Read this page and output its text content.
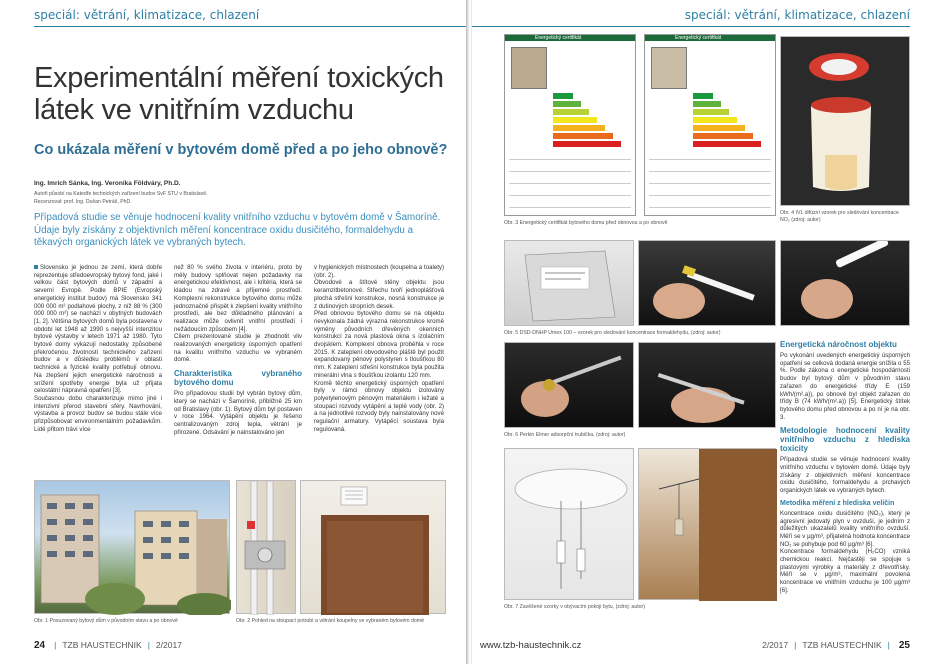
speciál: větrání, klimatizace, chlazení
Experimentální měření toxických látek ve vnitřním vzduchu
Co ukázala měření v bytovém domě před a po jeho obnově?
Ing. Imrich Sánka, Ing. Veronika Földváry, Ph.D.
Autoři působí na Katedře technických zařízení budov SvF STU v Bratislavě.
Recenzoval: prof. Ing. Dušan Petráš, PhD.
Případová studie se věnuje hodnocení kvality vnitřního vzduchu v bytovém domě v Šamoríně. Údaje byly získány z objektivních měření koncentrace oxidu dusičitého, formaldehydu a těkavých organických látek ve vybraných bytech.

Slovensko je jednou ze zemí, která dobře reprezentuje středoevropský bytový fond, jaké i velkou část bytových domů v západní a severní Evropě. Podle BPIE (Evropský energetický institut budov) má Slovensko 341 000 000 m² podlahové plochy, z níž 88 % (300 000 000 m²) se nachází v obytných budovách [1, 2]. Většina bytových domů byla postavena v období let 1948 až 1990 s nejvyšší intenzitou bytové výstavby v letech 1971 až 1980. Tyto bytové domy vykazují nedostatky způsobené překročenou životností technického zařízení budov a v důsledku problémů v oblasti technické a fyzické kvality potřebují obnovu. Na zlepšení jejich energetické náročnosti a snížení spotřeby energie byla už přijata celostátní nápravná opatření [3].

Současnou dobu charakterizuje mimo jiné i intenzivní přerod stavební sféry. Navrhování, výstavba a provoz budov se budou stále více přizpůsobovat environmentálním požadavkům. Lidé přitom tráví více

než 80 % svého života v interiéru, proto by měly budovy splňovat nejen požadavky na energetickou efektivnost, ale i kritéria, která se kladou na zdravé a příjemné prostředí. Komplexní rekonstrukce bytového domu může jednoznačně přispět k zlepšení kvality vnitřního prostředí, ale bez důkladného plánování a realizace může ovlivnit vnitřní prostředí i nežádoucím způsobem [4].

Cílem prezentované studie je zhodnotit vliv realizovaných energetický úsporných opatření na kvalitu vnitřního vzduchu ve vybraném domě.

Charakteristika vybraného bytového domu

Pro případovou studii byl vybrán bytový dům, který se nachází v Šamoríně, přibližně 25 km od Bratislavy (obr. 1). Bytový dům byl postaven v roce 1964. Vytápění objektu je řešeno centralizovaným zdroj tepla, větrání je přirozené. Odsávání je nainstalováno jen

v hygienických místnostech (koupelna a toalety) (obr. 2).

Obvodové a štítové stěny objektu jsou keramzitbetonové. Střechu tvoří jednoplášťová plochá střešní konstrukce, nosná konstrukce je z dutinových stropních desek.

Před obnovou bytového domu se na objektu nevykonala žádná výrazná rekonstrukce kromě výměny původních dřevěných okenních konstrukcí za nová plastová okna s izolačním dvojsklem. Komplexní obnova proběhla v roce 2015. K zateplení obvodového pláště byl použit expandovaný pěnový polystyren s tloušťkou 80 mm. K zateplení střešní konstrukce byla použita minerální vlna s tloušťkou izolantu 120 mm.

Kromě těchto energetický úsporných opatření byly v rámci obnovy objektu izolovány polyetylenovým pěnovým materiálem i ležaté a stoupací rozvody vytápění a teplé vody (obr. 2) a na jednotlivé rozvody byly nainstalovány nové regulační armatury. Vytápěcí soustava byla regulovaná.

Obr. 1 Posuzovaný bytový dům v původním stavu a po obnově	Obr. 2 Pohled na stoupací potrubí a větrání koupelny ve vybraném bytovém domě
24 | TZB HAUSTECHNIK | 2/2017
speciál: větrání, klimatizace, chlazení
Energetický certifikát	Energetický certifikát
Obr. 3 Energetický certifikát bytového domu před obnovou a po obnově
Obr. 4 IVL difúzní vzorek pro sledování koncentrace NO₂ (zdroj: autor)
Obr. 5 DSD-DNHP Umex 100 – vzorek pro sledování koncentrace formaldehydu, (zdroj: autor)
Obr. 6 Perkin Elmer adsorpční trubička, (zdroj: autor)
Obr. 7 Zavěšené vzorky v obývacím pokoji bytu, (zdroj: autor)
Energetická náročnost objektu

Po vykonání uvedených energetický úsporných opatření se celková dodaná energie snížila o 55 %. Podle zákona o energetické hospodárnosti budov byl bytový dům v původním stavu zařazen do energetické třídy E (159 kWh/(m².a)), po obnově byl objekt zařazen do třídy B (74 kWh/(m².a)) [5]. Energetický štítek bytového domu před obnovou a po ní je na obr. 3.

Metodologie hodnocení kvality vnitřního vzduchu z hlediska toxicity

Případová studie se věnuje hodnocení kvality vnitřního vzduchu v bytovém domě. Údaje byly získány z objektivních měření koncentrace oxidu dusičitého, formaldehydu a prchavých organických látek ve vybraných bytech.

Metodika měření z hlediska veličin

Koncentrace oxidu dusičitého (NO₂), který je agresivní jedovatý plyn v ovzduší, je jedním z důležitých ukazatelů kvality vnitřního ovzduší. Měří se v µg/m³, přijatelná hodnota koncentrace NO₂ se pohybuje pod 60 µg/m³ [6].

Koncentrace formaldehydu (H₂CO) vzniká chemickou reakcí. Nejčastěji se spojuje s plastovými výrobky a materiály z dřevotřísky. Měří se v µg/m³, maximální povolená koncentrace ve vnitřním vzduchu je 100 µg/m³ [6].

www.tzb-haustechnik.cz	2/2017 | TZB HAUSTECHNIK | 25
